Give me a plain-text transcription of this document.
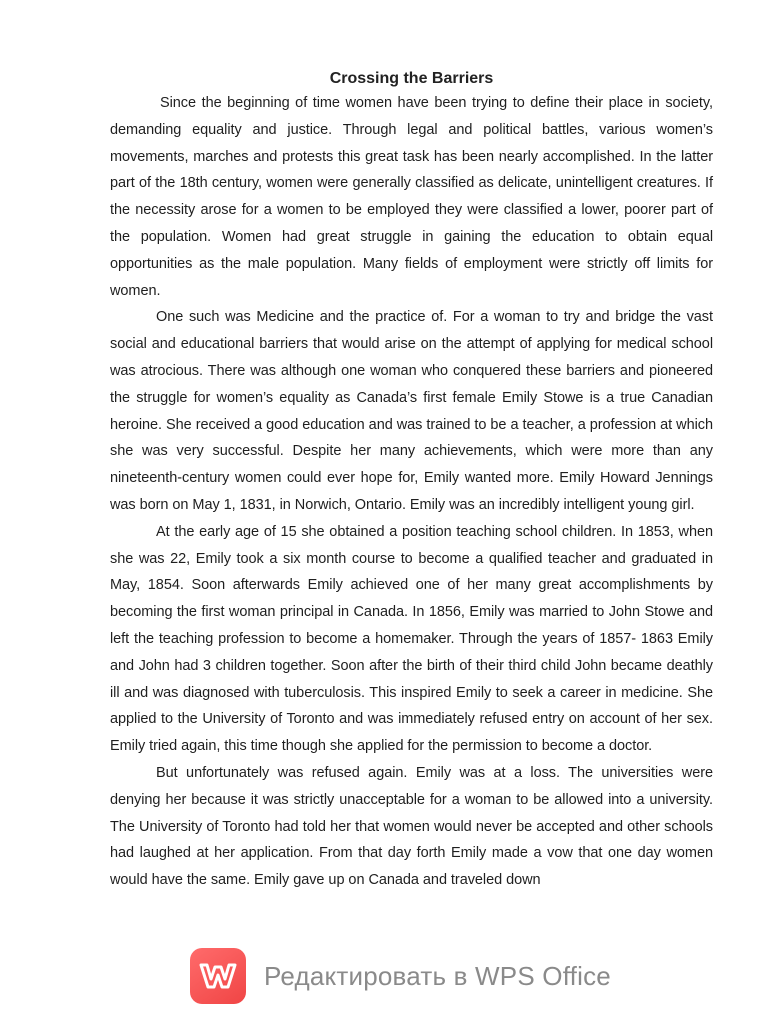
Crossing the Barriers

Since the beginning of time women have been trying to define their place in society, demanding equality and justice. Through legal and political battles, various women’s movements, marches and protests this great task has been nearly accomplished. In the latter part of the 18th century, women were generally classified as delicate, unintelligent creatures. If the necessity arose for a women to be employed they were classified a lower, poorer part of the population. Women had great struggle in gaining the education to obtain equal opportunities as the male population. Many fields of employment were strictly off limits for women.

One such was Medicine and the practice of. For a woman to try and bridge the vast social and educational barriers that would arise on the attempt of applying for medical school was atrocious. There was although one woman who conquered these barriers and pioneered the struggle for women’s equality as Canada’s first female Emily Stowe is a true Canadian heroine. She received a good education and was trained to be a teacher, a profession at which she was very successful. Despite her many achievements, which were more than any nineteenth-century women could ever hope for, Emily wanted more. Emily Howard Jennings was born on May 1, 1831, in Norwich, Ontario. Emily was an incredibly intelligent young girl.

At the early age of 15 she obtained a position teaching school children. In 1853, when she was 22, Emily took a six month course to become a qualified teacher and graduated in May, 1854. Soon afterwards Emily achieved one of her many great accomplishments by becoming the first woman principal in Canada. In 1856, Emily was married to John Stowe and left the teaching profession to become a homemaker. Through the years of 1857- 1863 Emily and John had 3 children together. Soon after the birth of their third child John became deathly ill and was diagnosed with tuberculosis. This inspired Emily to seek a career in medicine. She applied to the University of Toronto and was immediately refused entry on account of her sex. Emily tried again, this time though she applied for the permission to become a doctor.

But unfortunately was refused again. Emily was at a loss. The universities were denying her because it was strictly unacceptable for a woman to be allowed into a university. The University of Toronto had told her that women would never be accepted and other schools had laughed at her application. From that day forth Emily made a vow that one day women would have the same. Emily gave up on Canada and traveled down

Редактировать в WPS Office
